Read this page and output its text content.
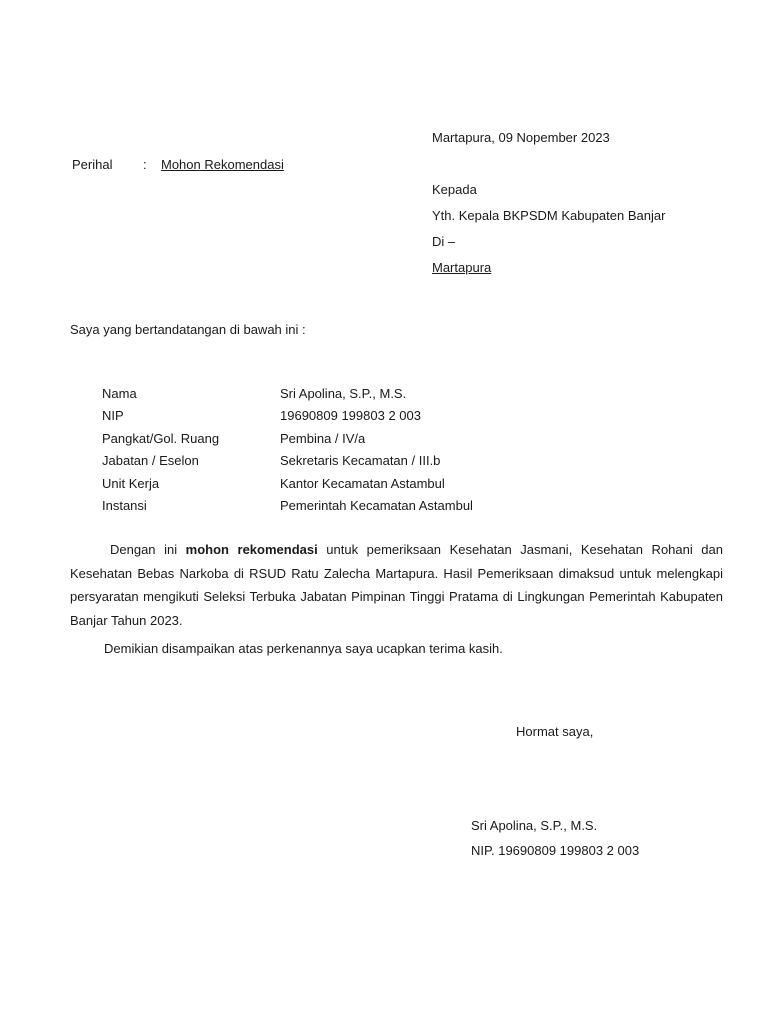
Martapura, 09 Nopember 2023
Perihal : Mohon Rekomendasi
Kepada
Yth. Kepala BKPSDM Kabupaten Banjar
Di –
Martapura
Saya yang bertandatangan di bawah ini :
Nama	Sri Apolina, S.P., M.S.
NIP	19690809 199803 2 003
Pangkat/Gol. Ruang	Pembina / IV/a
Jabatan / Eselon	Sekretaris Kecamatan / III.b
Unit Kerja	Kantor Kecamatan Astambul
Instansi	Pemerintah Kecamatan Astambul

Dengan ini mohon rekomendasi untuk pemeriksaan Kesehatan Jasmani, Kesehatan Rohani dan Kesehatan Bebas Narkoba di RSUD Ratu Zalecha Martapura. Hasil Pemeriksaan dimaksud untuk melengkapi persyaratan mengikuti Seleksi Terbuka Jabatan Pimpinan Tinggi Pratama di Lingkungan Pemerintah Kabupaten Banjar Tahun 2023.

Demikian disampaikan atas perkenannya saya ucapkan terima kasih.
Hormat saya,
Sri Apolina, S.P., M.S.
NIP. 19690809 199803 2 003
